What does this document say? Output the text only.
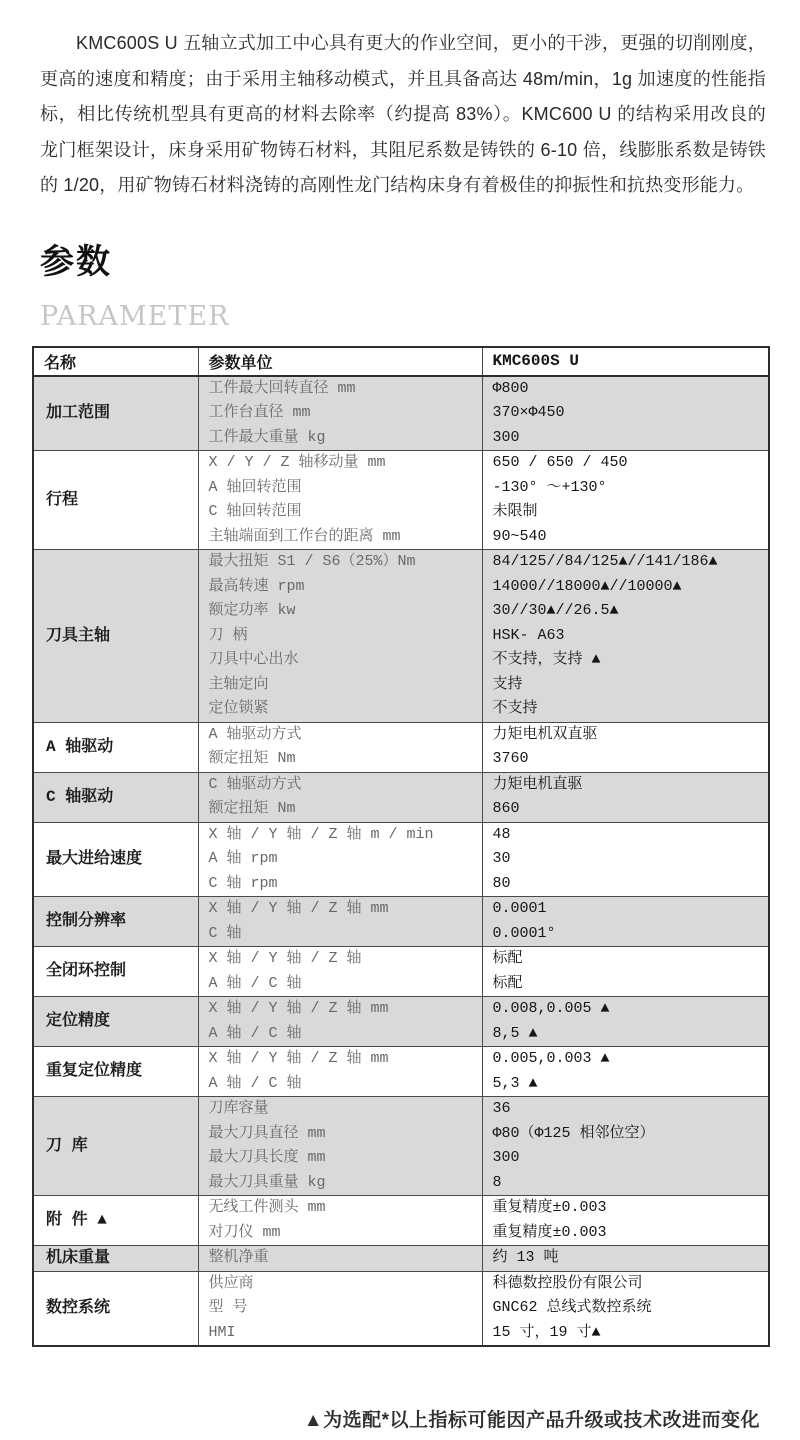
KMC600S U 五轴立式加工中心具有更大的作业空间，更小的干涉，更强的切削刚度，更高的速度和精度；由于采用主轴移动模式，并且具备高达 48m/min，1g 加速度的性能指标，相比传统机型具有更高的材料去除率（约提高 83%）。KMC600 U 的结构采用改良的龙门框架设计，床身采用矿物铸石材料，其阻尼系数是铸铁的 6-10 倍，线膨胀系数是铸铁的 1/20，用矿物铸石材料浇铸的高刚性龙门结构床身有着极佳的抑振性和抗热变形能力。

参数
PARAMETER
名称	参数单位	KMC600S U
加工范围	工件最大回转直径 mm	Φ800
	工作台直径 mm	370×Φ450
	工件最大重量 kg	300
行程	X / Y / Z 轴移动量 mm	650 / 650 / 450
	A 轴回转范围	-130° ～+130°
	C 轴回转范围	未限制
	主轴端面到工作台的距离 mm	90~540
刀具主轴	最大扭矩 S1 / S6（25%）Nm	84/125//84/125▲//141/186▲
	最高转速 rpm	14000//18000▲//10000▲
	额定功率 kw	30//30▲//26.5▲
	刀 柄	HSK- A63
	刀具中心出水	不支持，支持 ▲
	主轴定向	支持
	定位锁紧	不支持
A 轴驱动	A 轴驱动方式	力矩电机双直驱
	额定扭矩 Nm	3760
C 轴驱动	C 轴驱动方式	力矩电机直驱
	额定扭矩 Nm	860
最大进给速度	X 轴 / Y 轴 / Z 轴 m / min	48
	A 轴 rpm	30
	C 轴 rpm	80
控制分辨率	X 轴 / Y 轴 / Z 轴 mm	0.0001
	C 轴	0.0001°
全闭环控制	X 轴 / Y 轴 / Z 轴	标配
	A 轴 / C 轴	标配
定位精度	X 轴 / Y 轴 / Z 轴 mm	0.008,0.005 ▲
	A 轴 / C 轴	8,5 ▲
重复定位精度	X 轴 / Y 轴 / Z 轴 mm	0.005,0.003 ▲
	A 轴 / C 轴	5,3 ▲
刀 库	刀库容量	36
	最大刀具直径 mm	Φ80（Φ125 相邻位空）
	最大刀具长度 mm	300
	最大刀具重量 kg	8
附 件 ▲	无线工件测头 mm	重复精度±0.003
	对刀仪 mm	重复精度±0.003
机床重量	整机净重	约 13 吨
数控系统	供应商	科德数控股份有限公司
	型 号	GNC62 总线式数控系统
	HMI	15 寸，19 寸▲
▲为选配*以上指标可能因产品升级或技术改进而变化
